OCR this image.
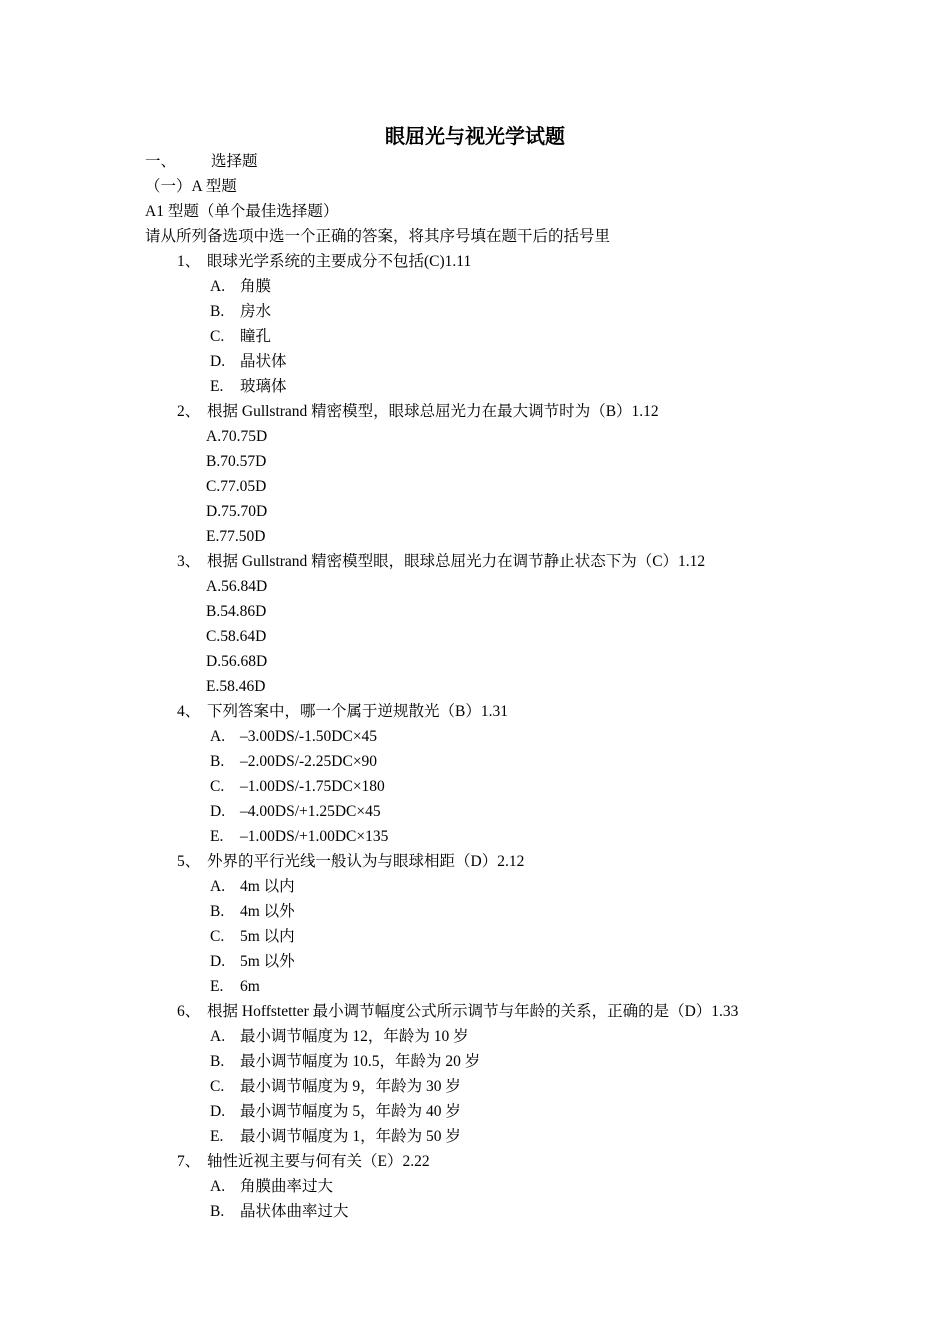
眼屈光与视光学试题
一、 选择题
（一）A 型题
A1 型题（单个最佳选择题）
请从所列备选项中选一个正确的答案，将其序号填在题干后的括号里
1、 眼球光学系统的主要成分不包括(C)1.11
A. 角膜
B. 房水
C. 瞳孔
D. 晶状体
E. 玻璃体
2、 根据 Gullstrand 精密模型，眼球总屈光力在最大调节时为（B）1.12
A.70.75D
B.70.57D
C.77.05D
D.75.70D
E.77.50D
3、 根据 Gullstrand 精密模型眼，眼球总屈光力在调节静止状态下为（C）1.12
A.56.84D
B.54.86D
C.58.64D
D.56.68D
E.58.46D
4、 下列答案中，哪一个属于逆规散光（B）1.31
A. –3.00DS/-1.50DC×45
B. –2.00DS/-2.25DC×90
C. –1.00DS/-1.75DC×180
D. –4.00DS/+1.25DC×45
E. –1.00DS/+1.00DC×135
5、 外界的平行光线一般认为与眼球相距（D）2.12
A. 4m 以内
B. 4m 以外
C. 5m 以内
D. 5m 以外
E. 6m
6、 根据 Hoffstetter 最小调节幅度公式所示调节与年龄的关系，正确的是（D）1.33
A. 最小调节幅度为 12，年龄为 10 岁
B. 最小调节幅度为 10.5，年龄为 20 岁
C. 最小调节幅度为 9，年龄为 30 岁
D. 最小调节幅度为 5，年龄为 40 岁
E. 最小调节幅度为 1，年龄为 50 岁
7、 轴性近视主要与何有关（E）2.22
A. 角膜曲率过大
B. 晶状体曲率过大
